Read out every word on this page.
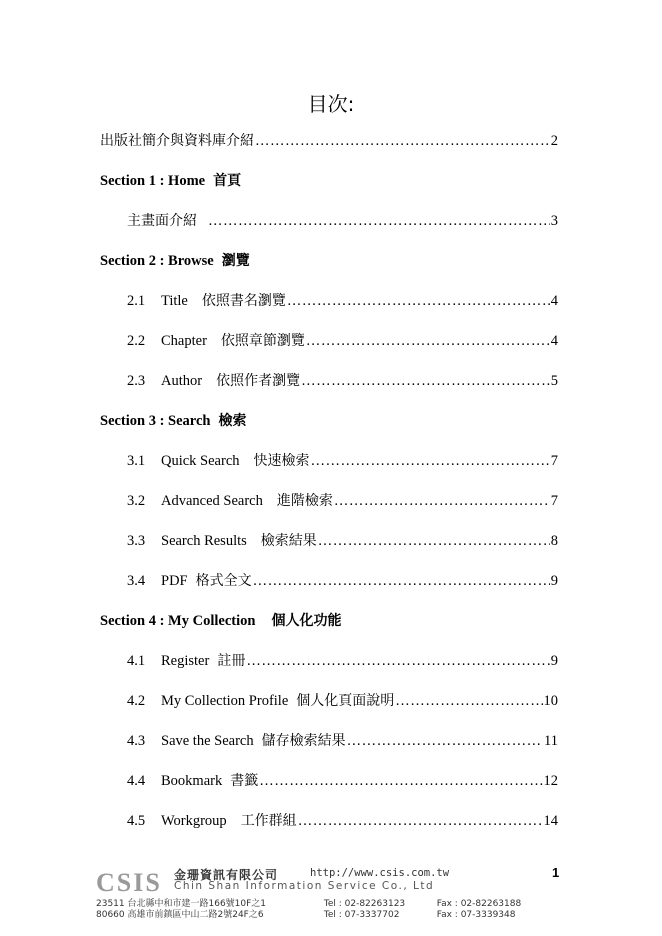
目次:
出版社簡介與資料庫介紹 ………………………………………………………………………………………………………………………………	2
Section 1 : Home 首頁
主畫面介紹 ………………………………………………………………………………………………………………………………	3
Section 2 : Browse 瀏覽
2.1	Title 依照書名瀏覽 ………………………………………………………………………………………………………………………………	4
2.2	Chapter 依照章節瀏覽 ………………………………………………………………………………………………………………………………	4
2.3	Author 依照作者瀏覽 ………………………………………………………………………………………………………………………………	5
Section 3 : Search 檢索
3.1	Quick Search 快速檢索 ………………………………………………………………………………………………………………………………	7
3.2	Advanced Search 進階檢索 ………………………………………………………………………………………………………………………………	7
3.3	Search Results 檢索結果 ………………………………………………………………………………………………………………………………	8
3.4	PDF 格式全文 ………………………………………………………………………………………………………………………………	9
Section 4 : My Collection 個人化功能
4.1	Register 註冊 ………………………………………………………………………………………………………………………………	9
4.2	My Collection Profile 個人化頁面說明 ………………………………………………………………………………………………………………………………	10
4.3	Save the Search 儲存檢索結果 ………………………………………………………………………………………………………………………………	11
4.4	Bookmark 書籤 ………………………………………………………………………………………………………………………………	12
4.5	Workgroup 工作群組 ………………………………………………………………………………………………………………………………	14
1
CSIS 金珊資訊有限公司	http://www.csis.com.tw
Chin Shan Information Service Co., Ltd
23511 台北縣中和市建一路166號10F之1	Tel : 02-82263123	Fax : 02-82263188
80660 高雄市前鎮區中山二路2號24F之6	Tel : 07-3337702	Fax : 07-3339348
